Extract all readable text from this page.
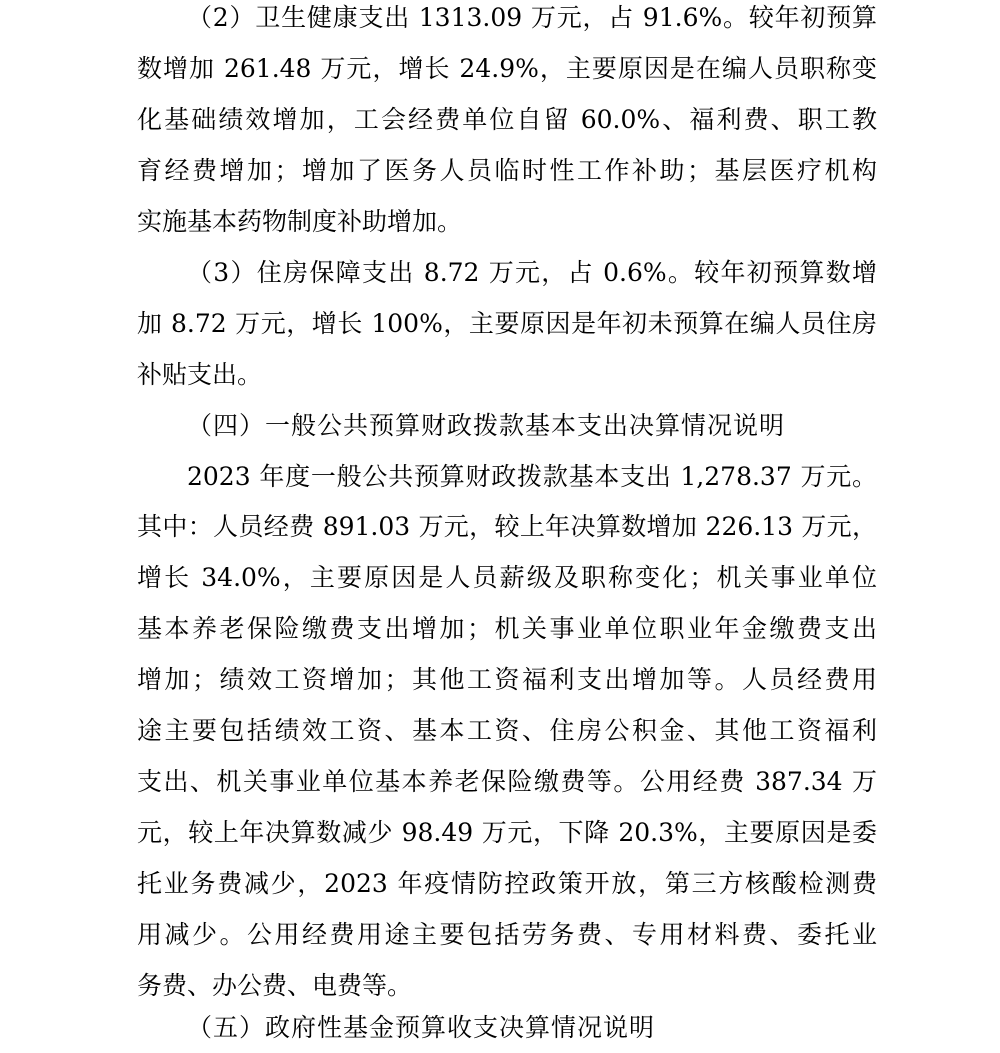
（2）卫生健康支出 1313.09 万元，占 91.6%。较年初预算
数增加 261.48 万元，增长 24.9%，主要原因是在编人员职称变
化基础绩效增加，工会经费单位自留 60.0%、福利费、职工教
育经费增加；增加了医务人员临时性工作补助；基层医疗机构
实施基本药物制度补助增加。
（3）住房保障支出 8.72 万元，占 0.6%。较年初预算数增
加 8.72 万元，增长 100%，主要原因是年初未预算在编人员住房
补贴支出。
（四）一般公共预算财政拨款基本支出决算情况说明
2023 年度一般公共预算财政拨款基本支出 1,278.37 万元。
其中：人员经费 891.03 万元，较上年决算数增加 226.13 万元，
增长 34.0%，主要原因是人员薪级及职称变化；机关事业单位
基本养老保险缴费支出增加；机关事业单位职业年金缴费支出
增加；绩效工资增加；其他工资福利支出增加等。人员经费用
途主要包括绩效工资、基本工资、住房公积金、其他工资福利
支出、机关事业单位基本养老保险缴费等。公用经费 387.34 万
元，较上年决算数减少 98.49 万元，下降 20.3%，主要原因是委
托业务费减少，2023 年疫情防控政策开放，第三方核酸检测费
用减少。公用经费用途主要包括劳务费、专用材料费、委托业
务费、办公费、电费等。
（五）政府性基金预算收支决算情况说明
